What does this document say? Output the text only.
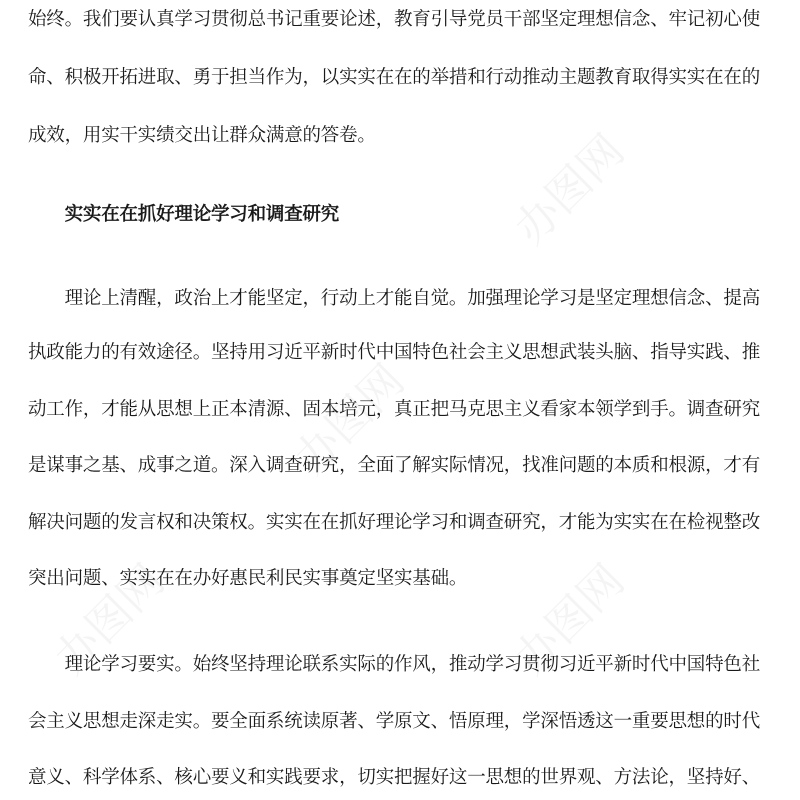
办图网
办图网
办图网	办图网
始终。我们要认真学习贯彻总书记重要论述，教育引导党员干部坚定理想信念、牢记初心使
命、积极开拓进取、勇于担当作为，以实实在在的举措和行动推动主题教育取得实实在在的
成效，用实干实绩交出让群众满意的答卷。
　　实实在在抓好理论学习和调查研究
　　理论上清醒，政治上才能坚定，行动上才能自觉。加强理论学习是坚定理想信念、提高
执政能力的有效途径。坚持用习近平新时代中国特色社会主义思想武装头脑、指导实践、推
动工作，才能从思想上正本清源、固本培元，真正把马克思主义看家本领学到手。调查研究
是谋事之基、成事之道。深入调查研究，全面了解实际情况，找准问题的本质和根源，才有
解决问题的发言权和决策权。实实在在抓好理论学习和调查研究，才能为实实在在检视整改
突出问题、实实在在办好惠民利民实事奠定坚实基础。
　　理论学习要实。始终坚持理论联系实际的作风，推动学习贯彻习近平新时代中国特色社
会主义思想走深走实。要全面系统读原著、学原文、悟原理，学深悟透这一重要思想的时代
意义、科学体系、核心要义和实践要求，切实把握好这一思想的世界观、方法论，坚持好、
